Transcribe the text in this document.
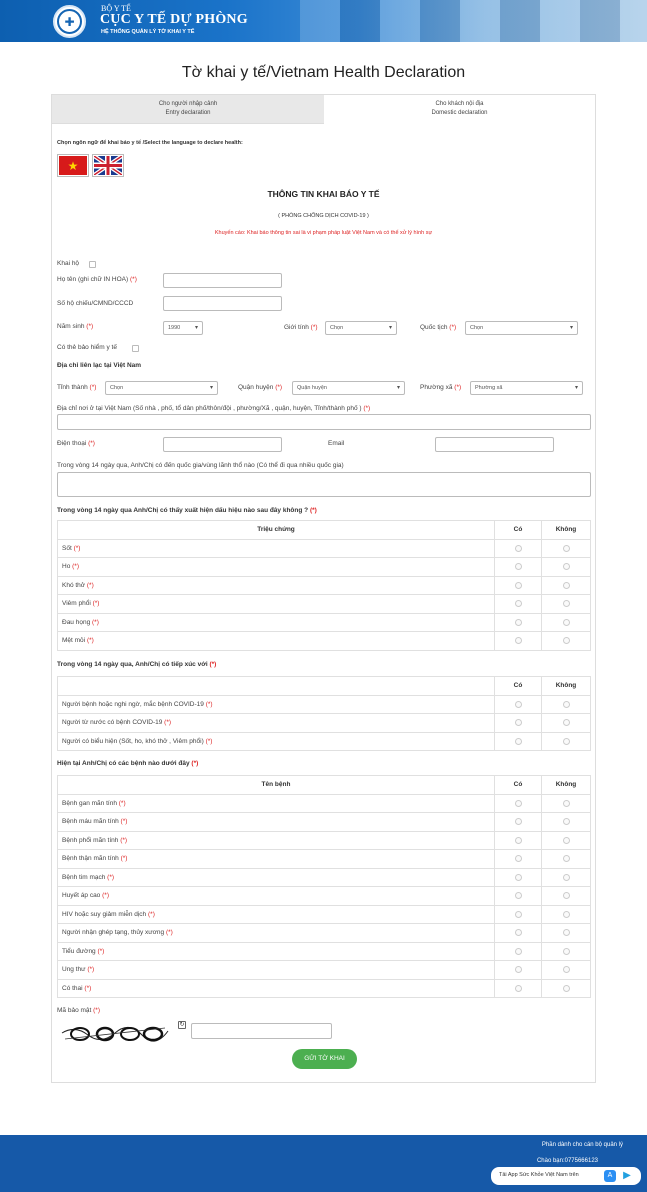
✚
BỘ Y TẾ
CỤC Y TẾ DỰ PHÒNG
HỆ THỐNG QUẢN LÝ TỜ KHAI Y TẾ
Tờ khai y tế/Vietnam Health Declaration
Cho người nhập cảnh
Entry declaration
Cho khách nội địa
Domestic declaration
Chọn ngôn ngữ để khai báo y tế /Select the language to declare health:
★
THÔNG TIN KHAI BÁO Y TẾ
( PHÒNG CHỐNG DỊCH COVID-19 )
Khuyến cáo: Khai báo thông tin sai là vi phạm pháp luật Việt Nam và có thể xử lý hình sự
Khai hộ
Họ tên (ghi chữ IN HOA) (*)
Số hộ chiếu/CMND/CCCD
Năm sinh (*)	1990 ▾	Giới tính (*)	Chọn ▾	Quốc tịch (*)	Chọn ▾
Có thẻ bảo hiểm y tế
Địa chỉ liên lạc tại Việt Nam
Tỉnh thành (*)	Chọn ▾	Quận huyện (*)	Quận huyện ▾	Phường xã (*)	Phường xã ▾
Địa chỉ nơi ở tại Việt Nam (Số nhà , phố, tổ dân phố/thôn/đội , phường/Xã , quận, huyện, Tỉnh/thành phố ) (*)
Điện thoại (*)	Email
Trong vòng 14 ngày qua, Anh/Chị có đến quốc gia/vùng lãnh thổ nào (Có thể đi qua nhiều quốc gia)
Trong vòng 14 ngày qua Anh/Chị có thấy xuất hiện dấu hiệu nào sau đây không ? (*)
Triệu chứng	Có	Không
Sốt (*)		
Ho (*)		
Khó thở (*)		
Viêm phổi (*)		
Đau họng (*)		
Mệt mỏi (*)		
Trong vòng 14 ngày qua, Anh/Chị có tiếp xúc với (*)
	Có	Không
Người bệnh hoặc nghi ngờ, mắc bệnh COVID-19 (*)		
Người từ nước có bệnh COVID-19 (*)		
Người có biểu hiện (Sốt, ho, khó thở , Viêm phổi) (*)		
Hiện tại Anh/Chị có các bệnh nào dưới đây (*)
Tên bệnh	Có	Không
Bệnh gan mãn tính (*)		
Bệnh máu mãn tính (*)		
Bệnh phổi mãn tính (*)		
Bệnh thận mãn tính (*)		
Bệnh tim mạch (*)		
Huyết áp cao (*)		
HIV hoặc suy giảm miễn dịch (*)		
Người nhận ghép tạng, thủy xương (*)		
Tiểu đường (*)		
Ung thư (*)		
Có thai (*)		
Mã bảo mật (*)
↻
GỬI TỜ KHAI
Phần dành cho cán bộ quản lý
Chào bạn:0775666123
Tải App Sức Khỏe Việt Nam trên	A	▶
